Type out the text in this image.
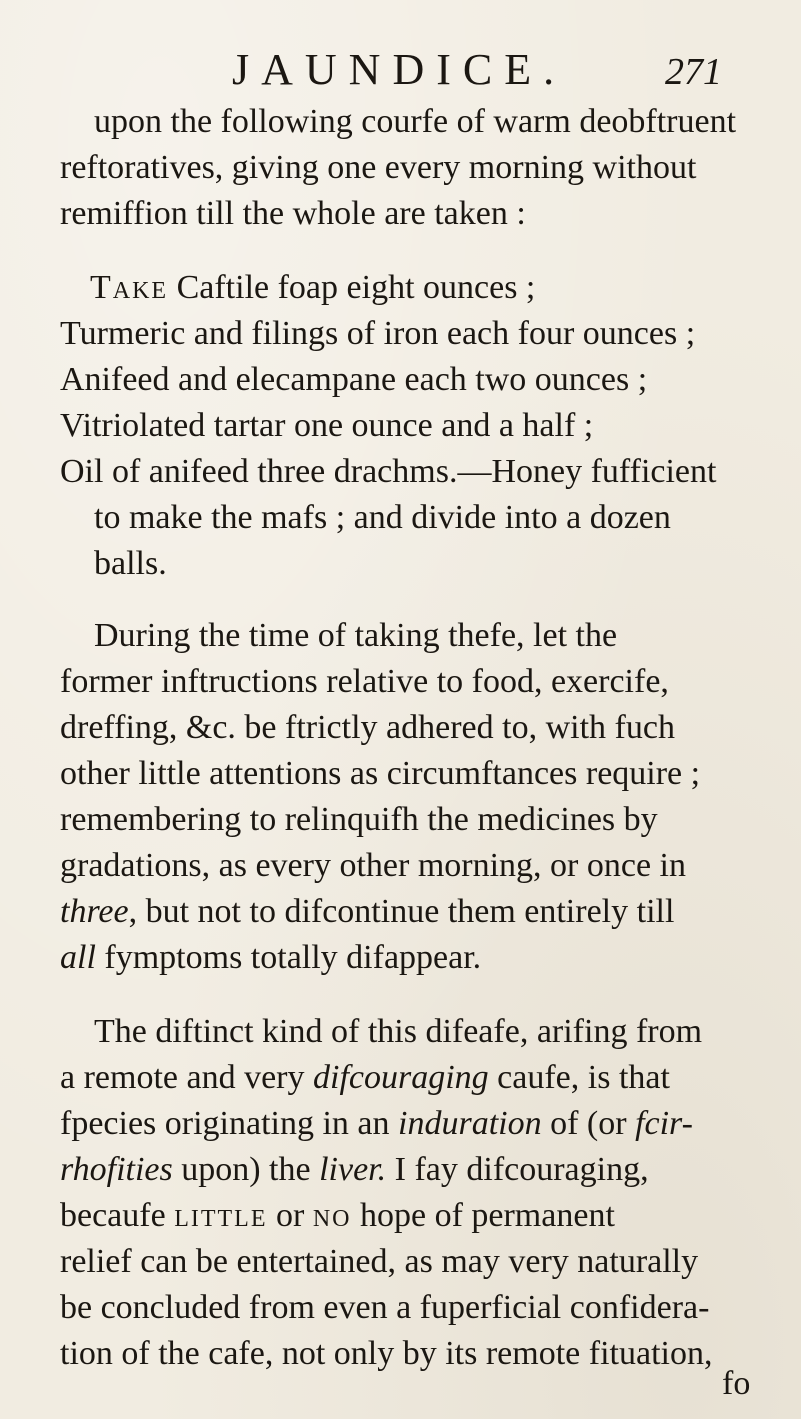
JAUNDICE.	271
upon the following courfe of warm deobftruent
reftoratives, giving one every morning without
remiffion till the whole are taken :
Take Caftile foap eight ounces ;
Turmeric and filings of iron each four ounces ;
Anifeed and elecampane each two ounces ;
Vitriolated tartar one ounce and a half ;
Oil of anifeed three drachms.—Honey fufficient
to make the mafs ; and divide into a dozen
balls.
During the time of taking thefe, let the
former inftructions relative to food, exercife,
dreffing, &c. be ftrictly adhered to, with fuch
other little attentions as circumftances require ;
remembering to relinquifh the medicines by
gradations, as every other morning, or once in
three, but not to difcontinue them entirely till
all fymptoms totally difappear.
The diftinct kind of this difeafe, arifing from
a remote and very difcouraging caufe, is that
fpecies originating in an induration of (or fcir-
rhofities upon) the liver. I fay difcouraging,
becaufe little or no hope of permanent
relief can be entertained, as may very naturally
be concluded from even a fuperficial confidera-
tion of the cafe, not only by its remote fituation,
fo
